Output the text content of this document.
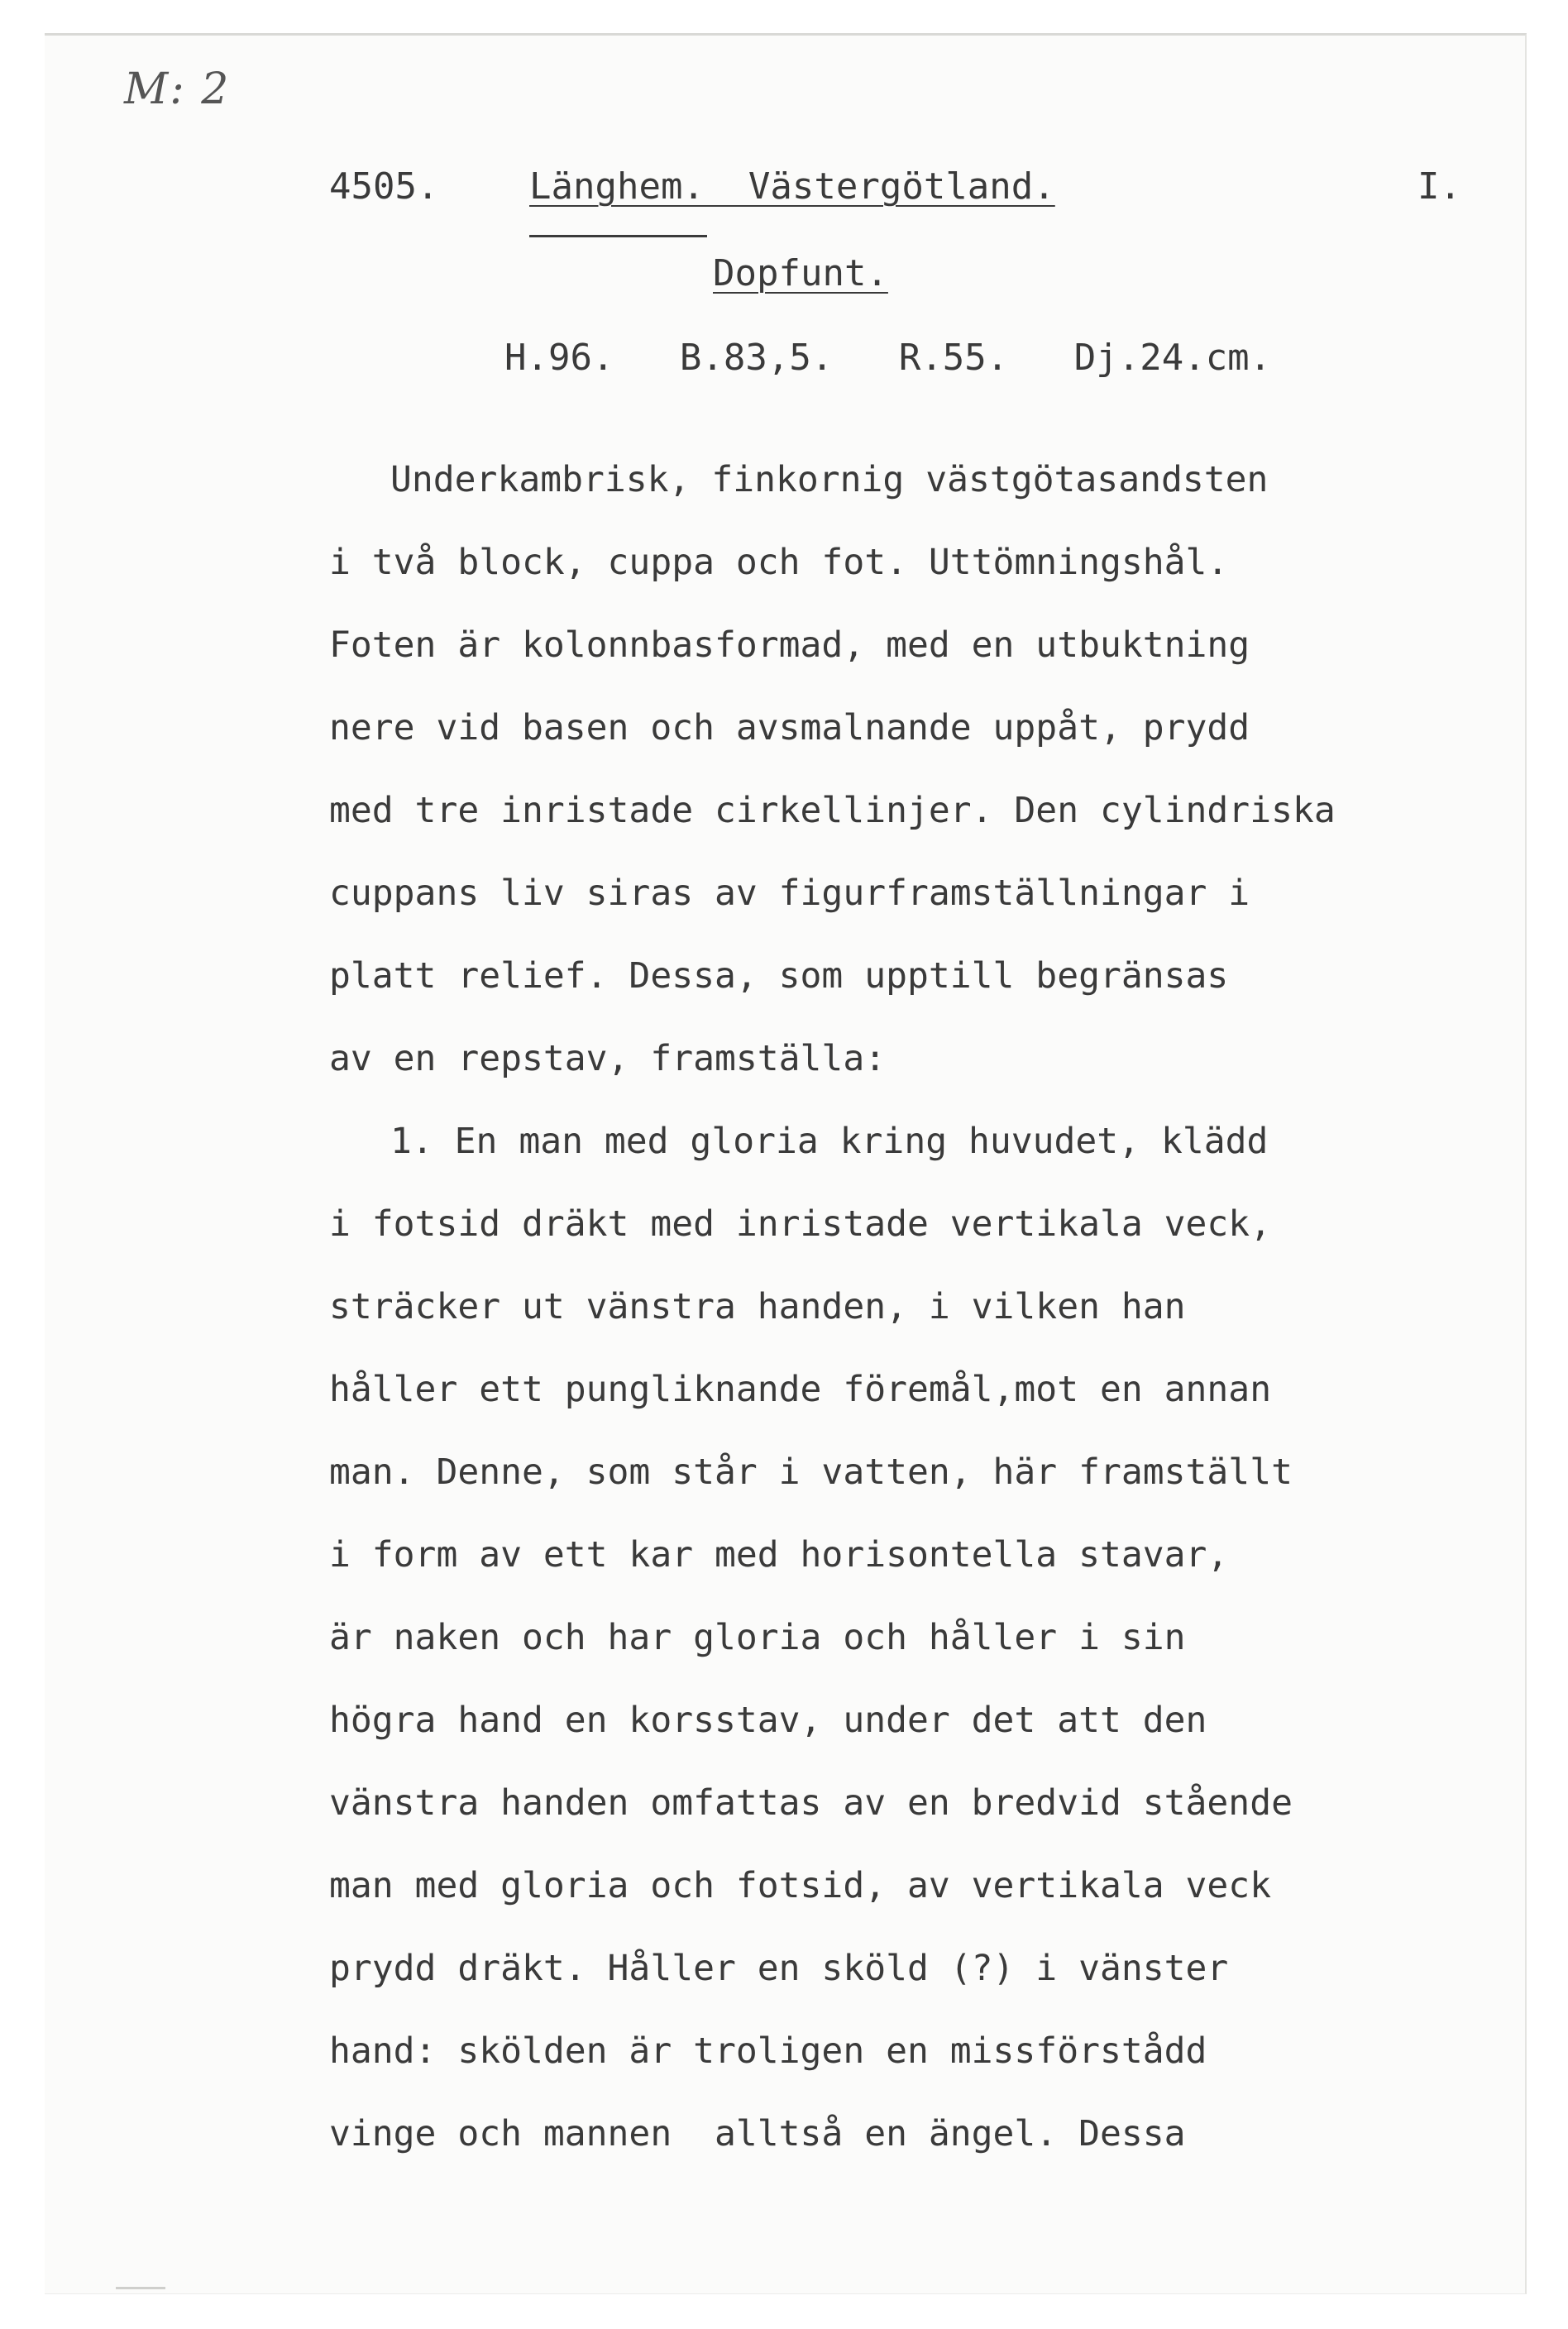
M: 2
4505. Länghem.  Västergötland.	I.
Dopfunt.
H.96.   B.83,5.   R.55.   Dj.24.cm.
Underkambrisk, finkornig västgötasandsten
i två block, cuppa och fot. Uttömningshål.
Foten är kolonnbasformad, med en utbuktning
nere vid basen och avsmalnande uppåt, prydd
med tre inristade cirkellinjer. Den cylindriska
cuppans liv siras av figurframställningar i
platt relief. Dessa, som upptill begränsas
av en repstav, framställa:
1. En man med gloria kring huvudet, klädd
i fotsid dräkt med inristade vertikala veck,
sträcker ut vänstra handen, i vilken han
håller ett pungliknande föremål,mot en annan
man. Denne, som står i vatten, här framställt
i form av ett kar med horisontella stavar,
är naken och har gloria och håller i sin
högra hand en korsstav, under det att den
vänstra handen omfattas av en bredvid stående
man med gloria och fotsid, av vertikala veck
prydd dräkt. Håller en sköld (?) i vänster
hand: skölden är troligen en missförstådd
vinge och mannen  alltså en ängel. Dessa
